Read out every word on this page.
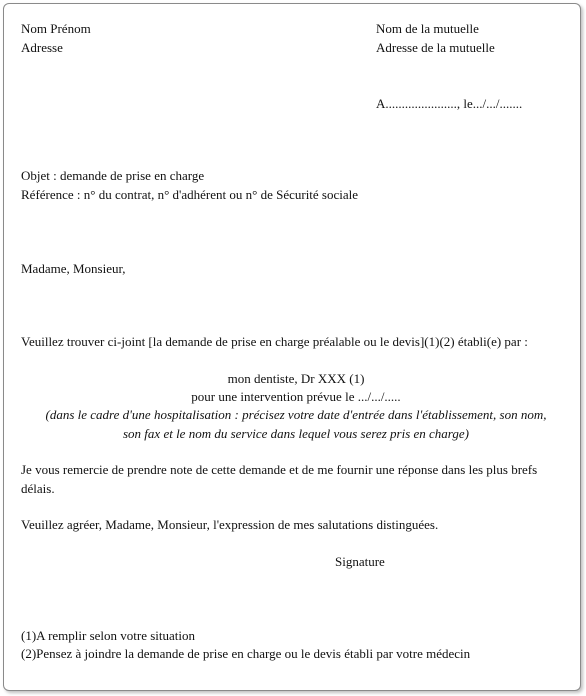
Nom Prénom
Adresse
Nom de la mutuelle
Adresse de la mutuelle
A......................, le.../.../.......
Objet : demande de prise en charge
Référence : n° du contrat, n° d'adhérent ou n° de Sécurité sociale
Madame, Monsieur,
Veuillez trouver ci-joint [la demande de prise en charge préalable ou le devis](1)(2) établi(e) par :
mon dentiste, Dr XXX (1)
pour une intervention prévue le .../.../.....
(dans le cadre d'une hospitalisation : précisez votre date d'entrée dans l'établissement, son nom,
son fax et le nom du service dans lequel vous serez pris en charge)
Je vous remercie de prendre note de cette demande et de me fournir une réponse dans les plus brefs délais.
Veuillez agréer, Madame, Monsieur, l'expression de mes salutations distinguées.
Signature
(1)A remplir selon votre situation
(2)Pensez à joindre la demande de prise en charge ou le devis établi par votre médecin
